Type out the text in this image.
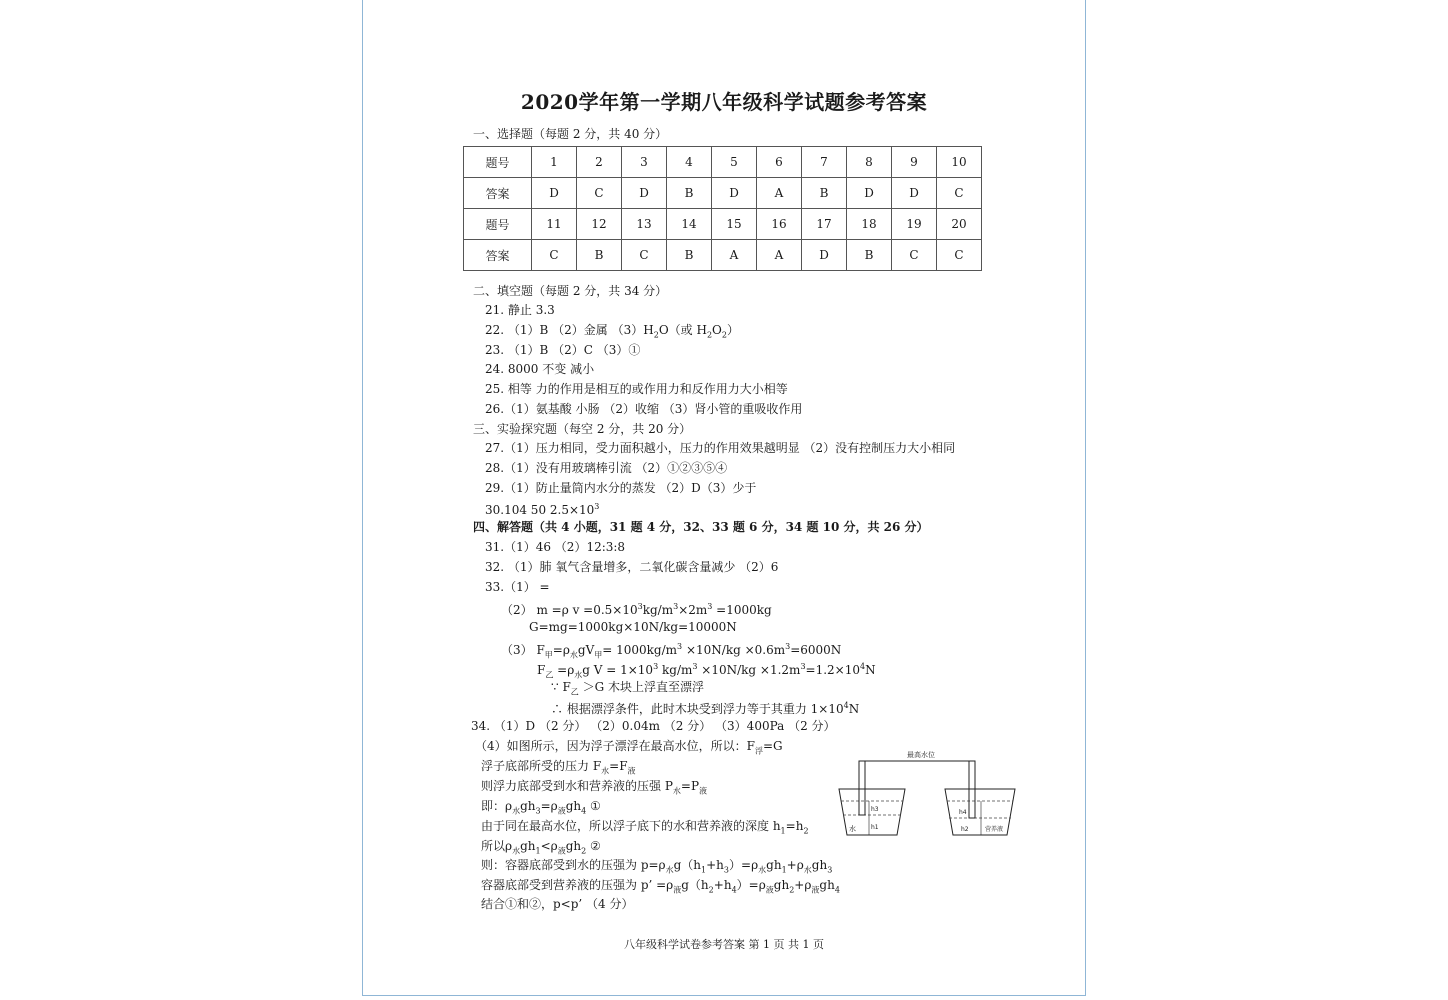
2020学年第一学期八年级科学试题参考答案
一、选择题（每题 2 分，共 40 分）
题号	1	2	3	4	5	6	7	8	9	10
答案	D	C	D	B	D	A	B	D	D	C
题号	11	12	13	14	15	16	17	18	19	20
答案	C	B	C	B	A	A	D	B	C	C
二、填空题（每题 2 分，共 34 分）
21. 静止 3.3
22. （1）B （2）金属 $(3)H_2O$（或 $H_2O_2$）
23. （1）B （2）C （3）①
24. 8000 不变 减小
25. 相等 力的作用是相互的或作用力和反作用力大小相等
26.（1）氨基酸 小肠 （2）收缩 （3）肾小管的重吸收作用
三、实验探究题（每空 2 分，共 20 分）
27.（1）压力相同，受力面积越小，压力的作用效果越明显 （2）没有控制压力大小相同
28.（1）没有用玻璃棒引流 （2）①②③⑤④
29.（1）防止量筒内水分的蒸发 （2）D（3）少于
30.104 50 $2.5\times 10^3$
四、解答题（共 4 小题，31 题 4 分，32、33 题 6 分，34 题 10 分，共 26 分）
31.（1）46 （2）12:3:8
32. （1）肺 氧气含量增多，二氧化碳含量减少 （2）6
33.（1） =
（2） m =ρ $v =0.5\times 10^3kg/m^3\times 2m^3 =1000kg$
G=mg=1000kg×10N/kg=10000N
（3） $F_甲=\rho_水gV_甲= 1000kg/m^3 \times 10N/kg \times 0.6m^3=6000N$
$F_乙 =\rho_水g$ $V = 1\times 10^3$ $kg/m^3 \times 10N/kg \times 1.2m^3=1.2\times 10^4N$
∵ $F_乙 >G$ 木块上浮直至漂浮
∴ 根据漂浮条件，此时木块受到浮力等于其重力 $1\times 10^4N$
34. （1）D （2 分） （2）0.04m （2 分） （3）400Pa （2 分）
（4）如图所示，因为浮子漂浮在最高水位，所以：$F_浮=G$
浮子底部所受的压力 $F_水=F_液$
则浮力底部受到水和营养液的压强 $P_水=P_液$
即：$\rho_水gh_3=\rho_液gh_4$ ①
由于同在最高水位，所以浮子底下的水和营养液的深度 $h_1=h_2$
所以$\rho_水gh_1<\rho_液gh_2$ ②
则：容器底部受到水的压强为 $p=\rho_水g(h_1+h_3)=\rho_水gh_1+\rho_水gh_3$
容器底部受到营养液的压强为 p’ $=\rho_液g(h_2+h_4)=\rho_液gh_2+\rho_液gh_4$
结合①和②，p<p’ （4 分）
最高水位
h3
h1
h4
h2
水	营养液
八年级科学试卷参考答案 第 1 页 共 1 页
